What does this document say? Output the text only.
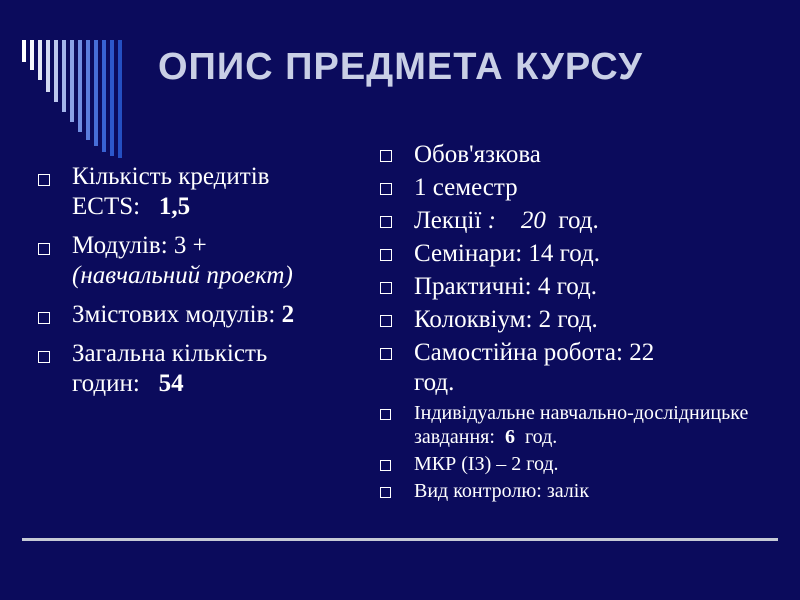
ОПИС ПРЕДМЕТА КУРСУ
Кількість кредитів
ECTS: 1,5
Модулів: 3 +
(навчальний проект)
Змістових модулів: 2
Загальна кількість
годин: 54
Обов'язкова
1 семестр
Лекції : 20 год.
Семінари: 14 год.
Практичні: 4 год.
Колоквіум: 2 год.
Самостійна робота: 22 год.
Індивідуальне навчально-дослідницьке завдання: 6 год.
МКР (ІЗ) – 2 год.
Вид контролю: залік
